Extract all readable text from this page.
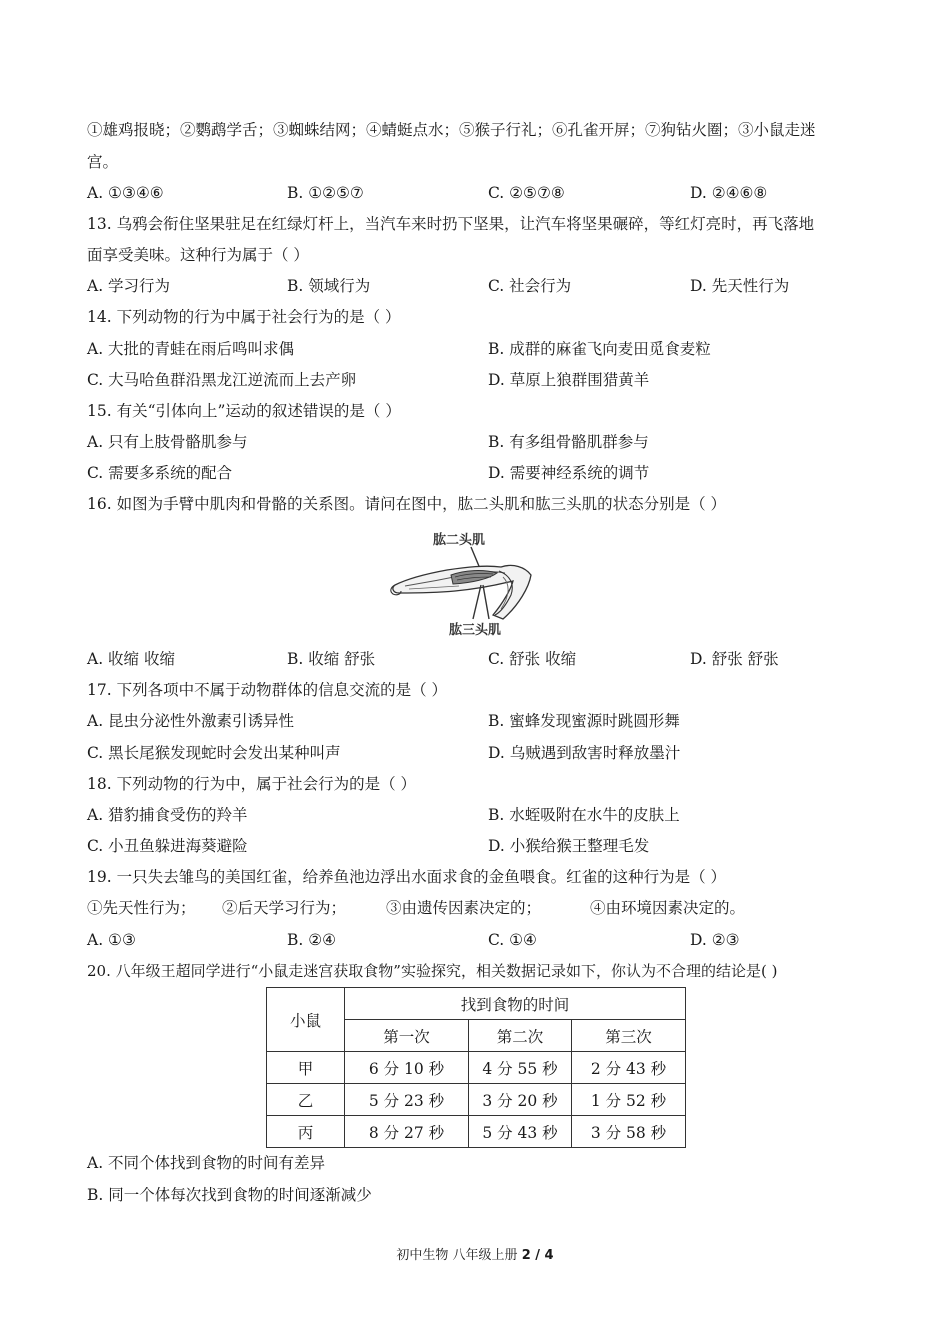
①雄鸡报晓；②鹦鹉学舌；③蜘蛛结网；④蜻蜓点水；⑤猴子行礼；⑥孔雀开屏；⑦狗钻火圈；③小鼠走迷
宫。
A. ①③④⑥	B. ①②⑤⑦	C. ②⑤⑦⑧	D. ②④⑥⑧
13. 乌鸦会衔住坚果驻足在红绿灯杆上，当汽车来时扔下坚果，让汽车将坚果碾碎，等红灯亮时，再飞落地
面享受美味。这种行为属于（ ）
A. 学习行为	B. 领域行为	C. 社会行为	D. 先天性行为
14. 下列动物的行为中属于社会行为的是（ ）
A. 大批的青蛙在雨后鸣叫求偶	B. 成群的麻雀飞向麦田觅食麦粒
C. 大马哈鱼群沿黑龙江逆流而上去产卵	D. 草原上狼群围猎黄羊
15. 有关“引体向上”运动的叙述错误的是（ ）
A. 只有上肢骨骼肌参与	B. 有多组骨骼肌群参与
C. 需要多系统的配合	D. 需要神经系统的调节
16. 如图为手臂中肌肉和骨骼的关系图。请问在图中，肱二头肌和肱三头肌的状态分别是（ ）
肱二头肌
肱三头肌
A. 收缩 收缩	B. 收缩 舒张	C. 舒张 收缩	D. 舒张 舒张
17. 下列各项中不属于动物群体的信息交流的是（ ）
A. 昆虫分泌性外激素引诱异性	B. 蜜蜂发现蜜源时跳圆形舞
C. 黑长尾猴发现蛇时会发出某种叫声	D. 乌贼遇到敌害时释放墨汁
18. 下列动物的行为中，属于社会行为的是（ ）
A. 猎豹捕食受伤的羚羊	B. 水蛭吸附在水牛的皮肤上
C. 小丑鱼躲进海葵避险	D. 小猴给猴王整理毛发
19. 一只失去雏鸟的美国红雀，给养鱼池边浮出水面求食的金鱼喂食。红雀的这种行为是（ ）
①先天性行为； ②后天学习行为；	③由遗传因素决定的；	④由环境因素决定的。
A. ①③	B. ②④	C. ①④	D. ②③
20. 八年级王超同学进行“小鼠走迷宫获取食物”实验探究，相关数据记录如下，你认为不合理的结论是( )
小鼠	找到食物的时间		
	第一次	第二次	第三次
甲	6 分 10 秒	4 分 55 秒	2 分 43 秒
乙	5 分 23 秒	3 分 20 秒	1 分 52 秒
丙	8 分 27 秒	5 分 43 秒	3 分 58 秒
A. 不同个体找到食物的时间有差异
B. 同一个体每次找到食物的时间逐渐减少
初中生物 八年级上册 2 / 4
